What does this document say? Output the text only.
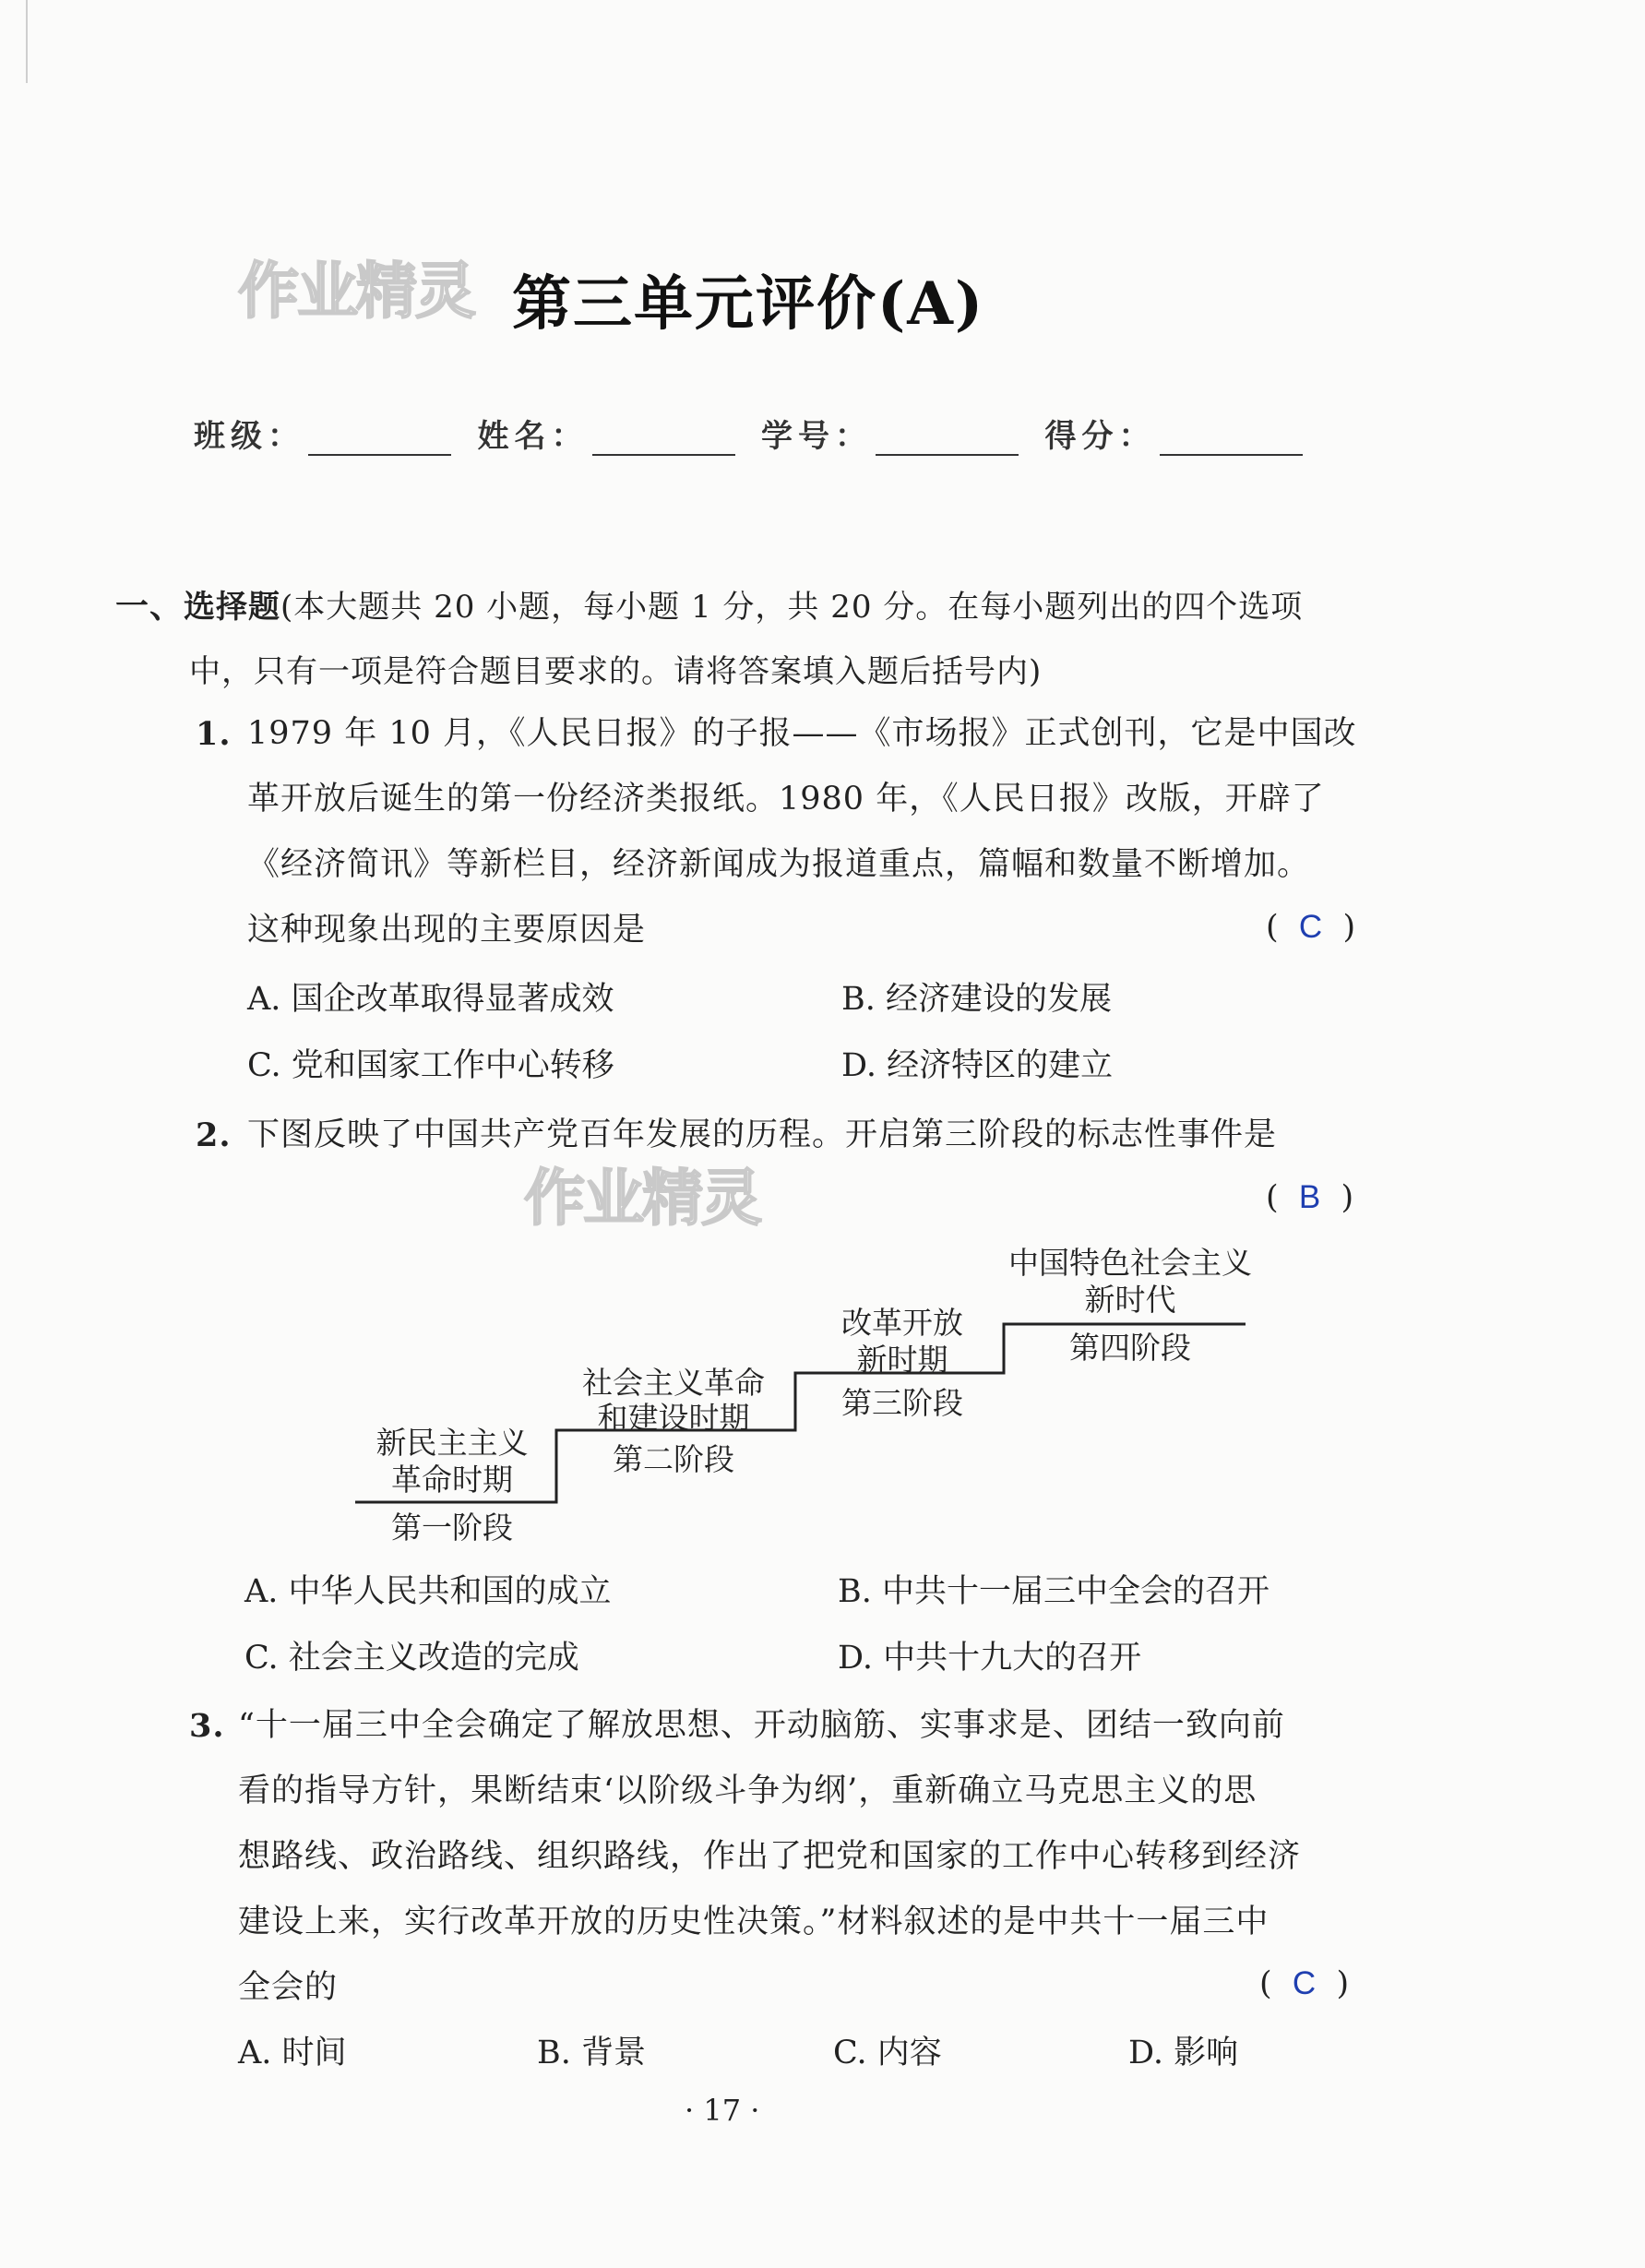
作业精灵
作业精灵
第三单元评价(A)
班级：	姓名：	学号：	得分：
一、选择题(本大题共 20 小题，每小题 1 分，共 20 分。在每小题列出的四个选项
中，只有一项是符合题目要求的。请将答案填入题后括号内)
1. 1979 年 10 月，《人民日报》的子报——《市场报》正式创刊，它是中国改
革开放后诞生的第一份经济类报纸。1980 年，《人民日报》改版，开辟了
《经济简讯》等新栏目，经济新闻成为报道重点，篇幅和数量不断增加。
这种现象出现的主要原因是	(  C  )
A. 国企改革取得显著成效	B. 经济建设的发展
C. 党和国家工作中心转移	D. 经济特区的建立
2. 下图反映了中国共产党百年发展的历程。开启第三阶段的标志性事件是
(  B  )
新民主主义
革命时期
第一阶段
社会主义革命
和建设时期
第二阶段
改革开放
新时期
第三阶段
中国特色社会主义
新时代
第四阶段
A. 中华人民共和国的成立	B. 中共十一届三中全会的召开
C. 社会主义改造的完成	D. 中共十九大的召开
3. “十一届三中全会确定了解放思想、开动脑筋、实事求是、团结一致向前
看的指导方针，果断结束‘以阶级斗争为纲’，重新确立马克思主义的思
想路线、政治路线、组织路线，作出了把党和国家的工作中心转移到经济
建设上来，实行改革开放的历史性决策。”材料叙述的是中共十一届三中
全会的	(  C  )
A. 时间	B. 背景	C. 内容	D. 影响
· 17 ·
